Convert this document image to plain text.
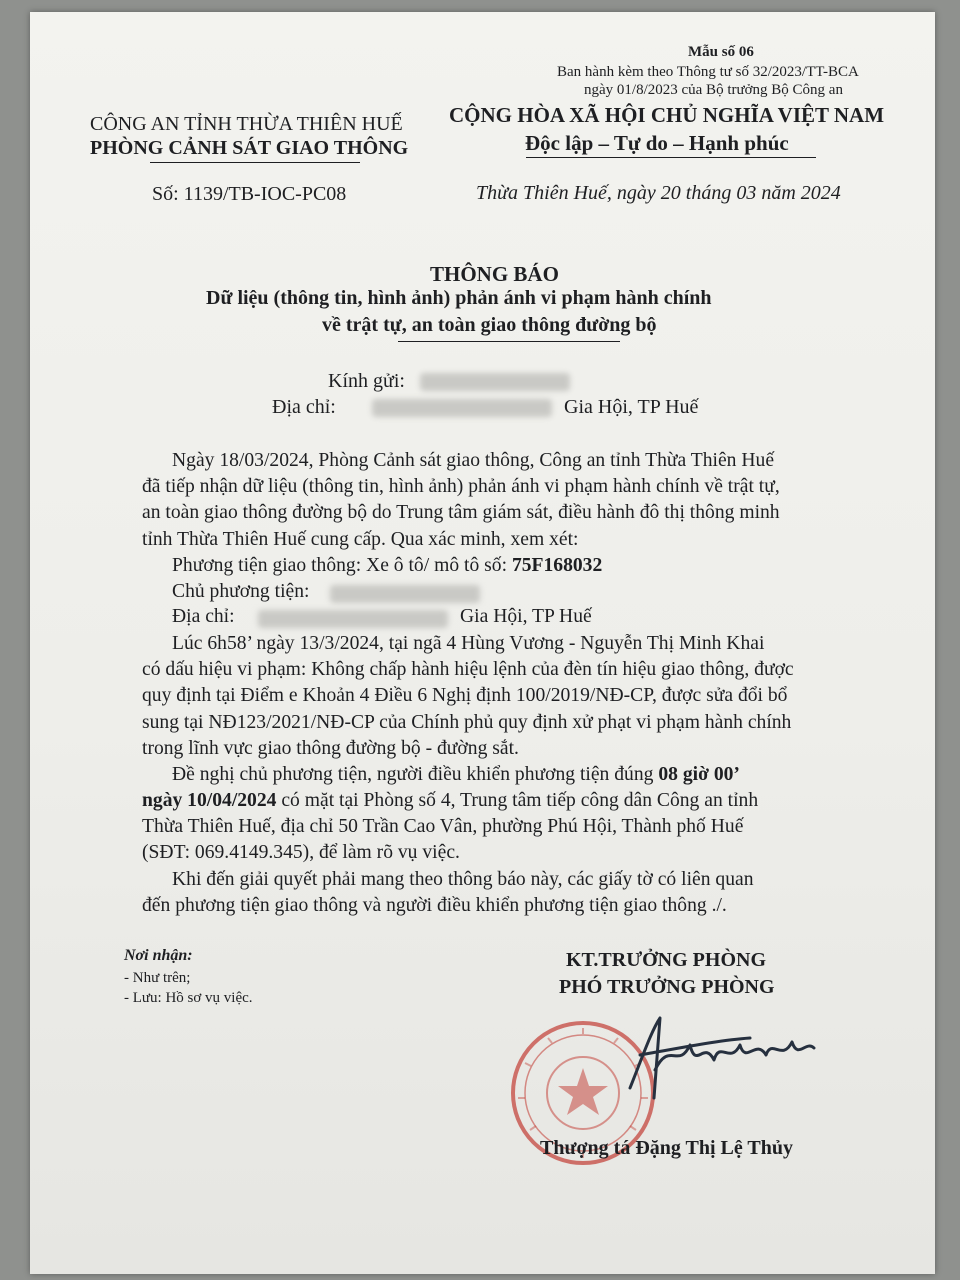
Mẫu số 06
Ban hành kèm theo Thông tư số 32/2023/TT-BCA
ngày 01/8/2023 của Bộ trưởng Bộ Công an
CÔNG AN TỈNH THỪA THIÊN HUẾ
PHÒNG CẢNH SÁT GIAO THÔNG
CỘNG HÒA XÃ HỘI CHỦ NGHĨA VIỆT NAM
Độc lập – Tự do – Hạnh phúc
Số: 1139/TB-IOC-PC08	Thừa Thiên Huế, ngày 20 tháng 03 năm 2024
THÔNG BÁO
Dữ liệu (thông tin, hình ảnh) phản ánh vi phạm hành chính
về trật tự, an toàn giao thông đường bộ
Kính gửi:
Địa chỉ:	Gia Hội, TP Huế
Ngày 18/03/2024, Phòng Cảnh sát giao thông, Công an tỉnh Thừa Thiên Huế
đã tiếp nhận dữ liệu (thông tin, hình ảnh) phản ánh vi phạm hành chính về trật tự,
an toàn giao thông đường bộ do Trung tâm giám sát, điều hành đô thị thông minh
tỉnh Thừa Thiên Huế cung cấp. Qua xác minh, xem xét:
Phương tiện giao thông: Xe ô tô/ mô tô số: 75F168032
Chủ phương tiện:
Địa chỉ:	Gia Hội, TP Huế
Lúc 6h58’ ngày 13/3/2024, tại ngã 4 Hùng Vương - Nguyễn Thị Minh Khai
có dấu hiệu vi phạm: Không chấp hành hiệu lệnh của đèn tín hiệu giao thông, được
quy định tại Điểm e Khoản 4 Điều 6 Nghị định 100/2019/NĐ-CP, được sửa đổi bổ
sung tại NĐ123/2021/NĐ-CP của Chính phủ quy định xử phạt vi phạm hành chính
trong lĩnh vực giao thông đường bộ - đường sắt.
Đề nghị chủ phương tiện, người điều khiển phương tiện đúng 08 giờ 00’
ngày 10/04/2024 có mặt tại Phòng số 4, Trung tâm tiếp công dân Công an tỉnh
Thừa Thiên Huế, địa chỉ 50 Trần Cao Vân, phường Phú Hội, Thành phố Huế
(SĐT: 069.4149.345), để làm rõ vụ việc.
Khi đến giải quyết phải mang theo thông báo này, các giấy tờ có liên quan
đến phương tiện giao thông và người điều khiển phương tiện giao thông ./.
Nơi nhận:
- Như trên;
- Lưu: Hồ sơ vụ việc.
KT.TRƯỞNG PHÒNG
PHÓ TRƯỞNG PHÒNG
Thượng tá Đặng Thị Lệ Thủy
